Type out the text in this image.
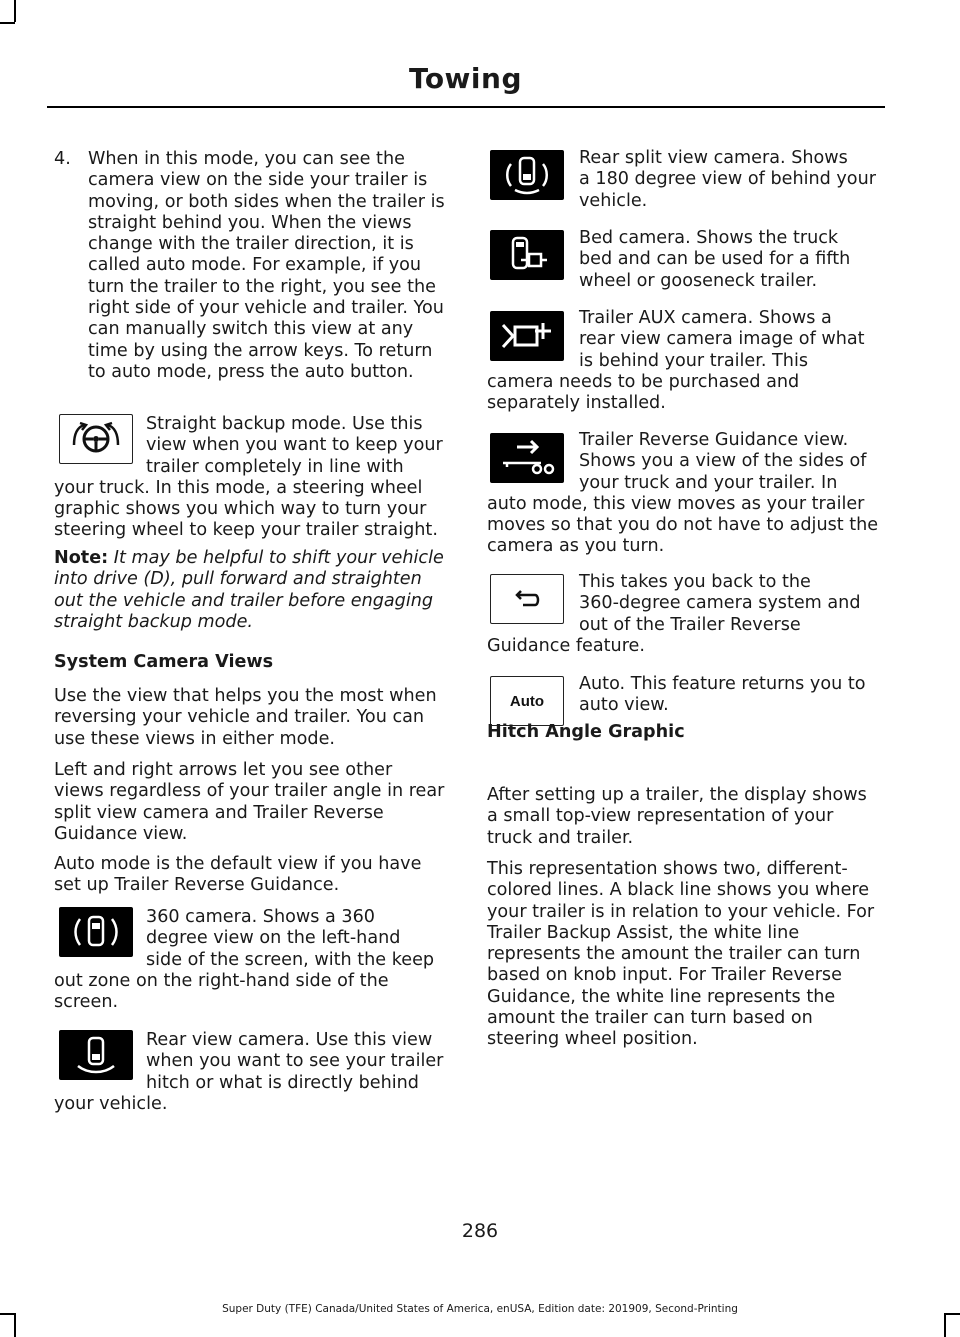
Towing
4. When in this mode, you can see the camera view on the side your trailer is moving, or both sides when the trailer is straight behind you. When the views change with the trailer direction, it is called auto mode. For example, if you turn the trailer to the right, you see the right side of your vehicle and trailer. You can manually switch this view at any time by using the arrow keys. To return to auto mode, press the auto button.
Straight backup mode. Use this
view when you want to keep your
trailer completely in line with
your truck. In this mode, a steering wheel graphic shows you which way to turn your steering wheel to keep your trailer straight.
Note: It may be helpful to shift your vehicle into drive (D), pull forward and straighten out the vehicle and trailer before engaging straight backup mode.
System Camera Views
Use the view that helps you the most when reversing your vehicle and trailer. You can use these views in either mode.
Left and right arrows let you see other views regardless of your trailer angle in rear split view camera and Trailer Reverse Guidance view.
Auto mode is the default view if you have set up Trailer Reverse Guidance.
360 camera. Shows a 360
degree view on the left-hand
side of the screen, with the keep
out zone on the right-hand side of the screen.
Rear view camera. Use this view
when you want to see your trailer
hitch or what is directly behind
your vehicle.
Rear split view camera. Shows
a 180 degree view of behind your
vehicle.
Bed camera. Shows the truck
bed and can be used for a fifth
wheel or gooseneck trailer.
Trailer AUX camera. Shows a
rear view camera image of what
is behind your trailer. This
camera needs to be purchased and separately installed.
Trailer Reverse Guidance view.
Shows you a view of the sides of
your truck and your trailer. In
auto mode, this view moves as your trailer moves so that you do not have to adjust the camera as you turn.
This takes you back to the
360-degree camera system and
out of the Trailer Reverse
Guidance feature.
Auto
Auto. This feature returns you to
auto view.
Hitch Angle Graphic
After setting up a trailer, the display shows a small top-view representation of your truck and trailer.
This representation shows two, different-colored lines. A black line shows you where your trailer is in relation to your vehicle. For Trailer Backup Assist, the white line represents the amount the trailer can turn based on knob input. For Trailer Reverse Guidance, the white line represents the amount the trailer can turn based on steering wheel position.
286
Super Duty (TFE) Canada/United States of America, enUSA, Edition date: 201909, Second-Printing
